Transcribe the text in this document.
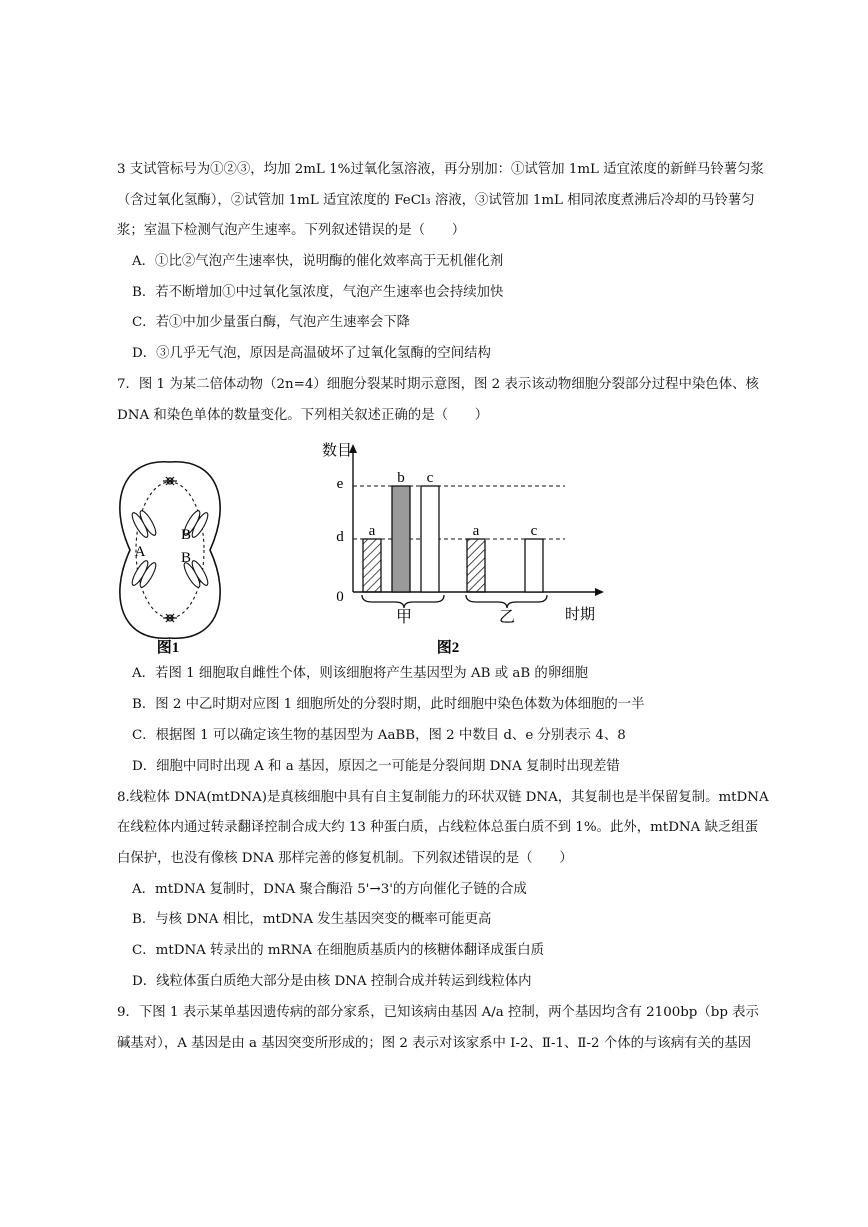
3 支试管标号为①②③，均加 2mL 1%过氧化氢溶液，再分别加：①试管加 1mL 适宜浓度的新鲜马铃薯匀浆
（含过氧化氢酶），②试管加 1mL 适宜浓度的 FeCl₃ 溶液，③试管加 1mL 相同浓度煮沸后冷却的马铃薯匀
浆；室温下检测气泡产生速率。下列叙述错误的是（　　）
A．①比②气泡产生速率快，说明酶的催化效率高于无机催化剂
B．若不断增加①中过氧化氢浓度，气泡产生速率也会持续加快
C．若①中加少量蛋白酶，气泡产生速率会下降
D．③几乎无气泡，原因是高温破坏了过氧化氢酶的空间结构
7．图 1 为某二倍体动物（2n=4）细胞分裂某时期示意图，图 2 表示该动物细胞分裂部分过程中染色体、核
DNA 和染色单体的数量变化。下列相关叙述正确的是（　　）
A
B
B
图1
数目
时期
0
e
d a
b c
a	c
甲	乙
图2
A．若图 1 细胞取自雌性个体，则该细胞将产生基因型为 AB 或 aB 的卵细胞
B．图 2 中乙时期对应图 1 细胞所处的分裂时期，此时细胞中染色体数为体细胞的一半
C．根据图 1 可以确定该生物的基因型为 AaBB，图 2 中数目 d、e 分别表示 4、8
D．细胞中同时出现 A 和 a 基因，原因之一可能是分裂间期 DNA 复制时出现差错
8.线粒体 DNA(mtDNA)是真核细胞中具有自主复制能力的环状双链 DNA，其复制也是半保留复制。mtDNA
在线粒体内通过转录翻译控制合成大约 13 种蛋白质，占线粒体总蛋白质不到 1%。此外，mtDNA 缺乏组蛋
白保护，也没有像核 DNA 那样完善的修复机制。下列叙述错误的是（　　）
A．mtDNA 复制时，DNA 聚合酶沿 5'→3'的方向催化子链的合成
B．与核 DNA 相比，mtDNA 发生基因突变的概率可能更高
C．mtDNA 转录出的 mRNA 在细胞质基质内的核糖体翻译成蛋白质
D．线粒体蛋白质绝大部分是由核 DNA 控制合成并转运到线粒体内
9．下图 1 表示某单基因遗传病的部分家系，已知该病由基因 A/a 控制，两个基因均含有 2100bp（bp 表示
碱基对），A 基因是由 a 基因突变所形成的；图 2 表示对该家系中 I-2、Ⅱ-1、Ⅱ-2 个体的与该病有关的基因
